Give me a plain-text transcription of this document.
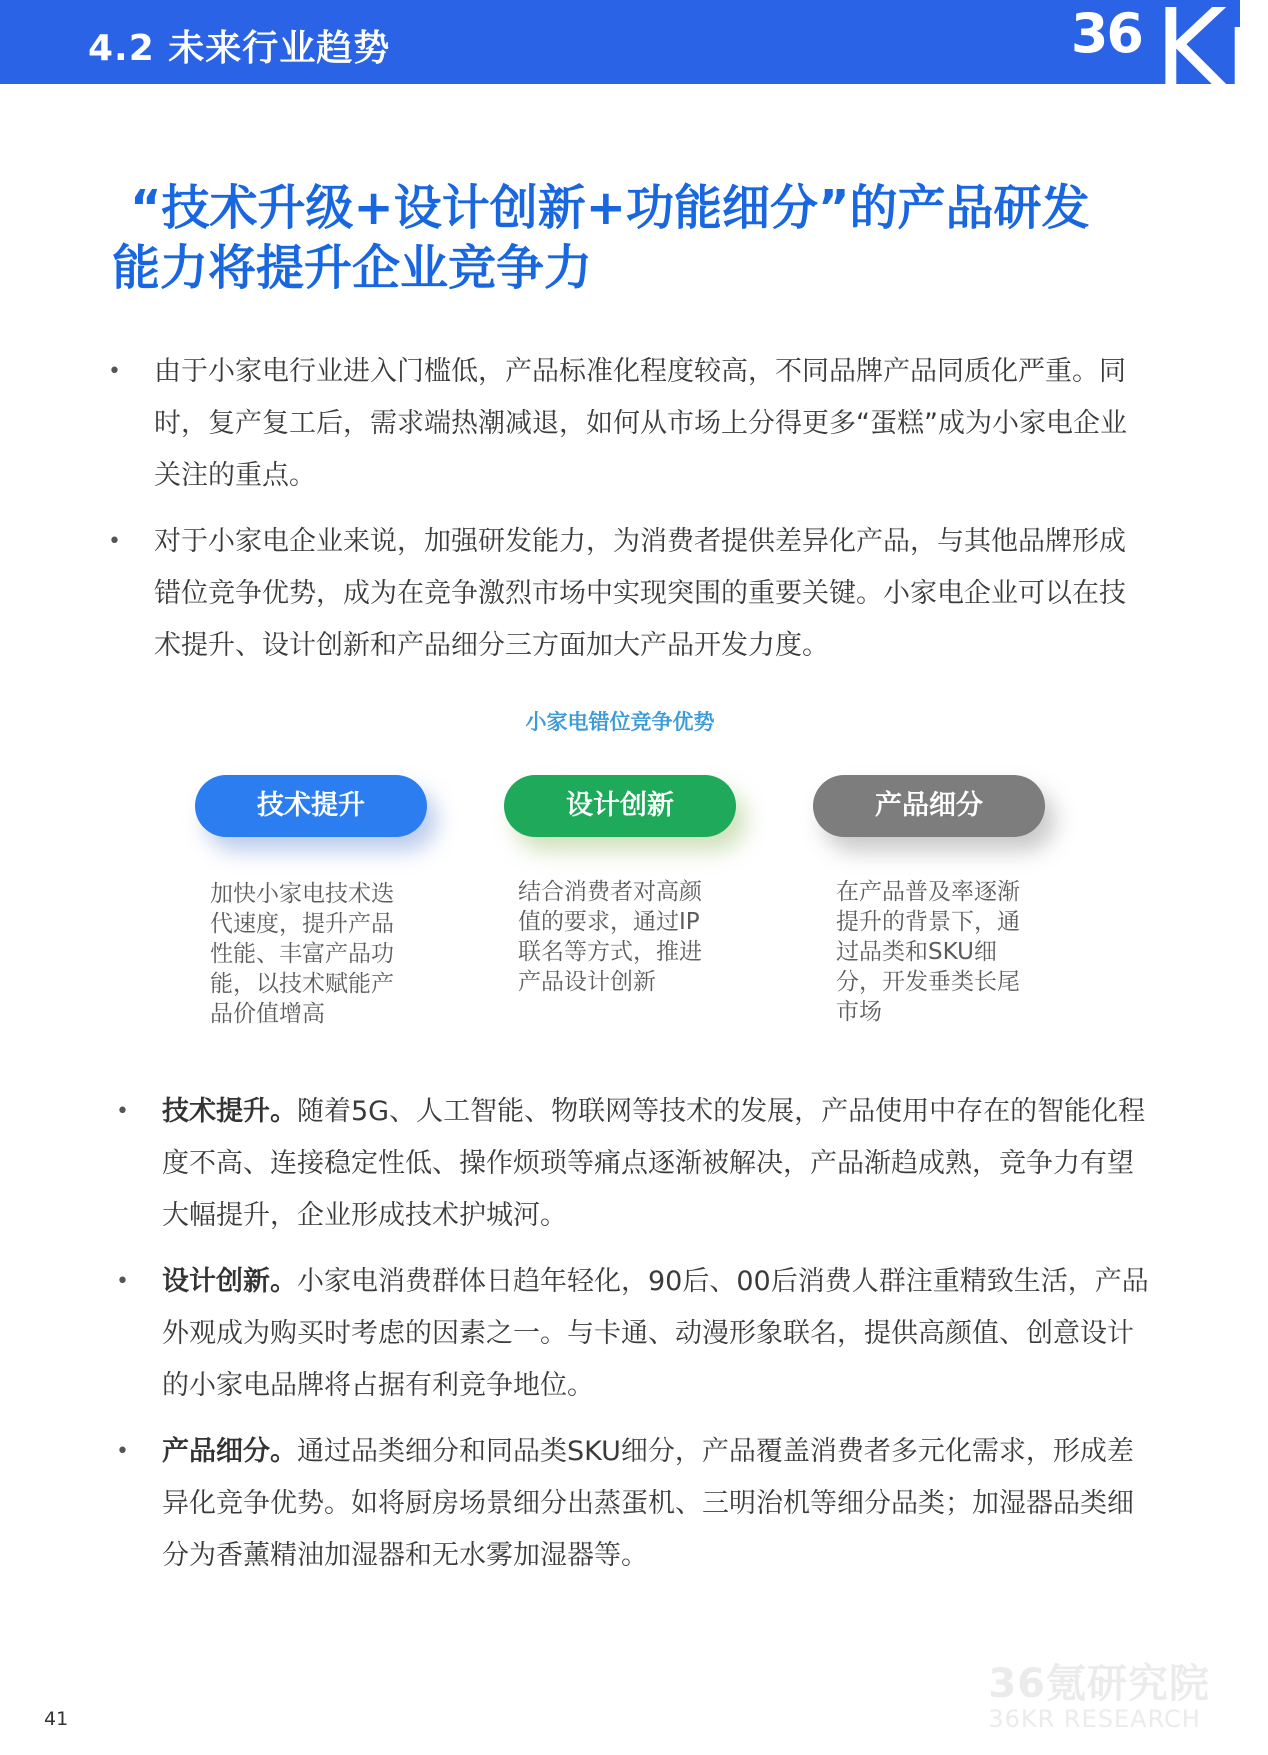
4.2 未来行业趋势	36 Kr
“技术升级+设计创新+功能细分”的产品研发
能力将提升企业竞争力
• 由于小家电行业进入门槛低，产品标准化程度较高，不同品牌产品同质化严重。同时，复产复工后，需求端热潮减退，如何从市场上分得更多“蛋糕”成为小家电企业关注的重点。
• 对于小家电企业来说，加强研发能力，为消费者提供差异化产品，与其他品牌形成错位竞争优势，成为在竞争激烈市场中实现突围的重要关键。小家电企业可以在技术提升、设计创新和产品细分三方面加大产品开发力度。
小家电错位竞争优势
技术提升	设计创新	产品细分
加快小家电技术迭代速度，提升产品性能、丰富产品功能，以技术赋能产品价值增高
结合消费者对高颜值的要求，通过IP联名等方式，推进产品设计创新
在产品普及率逐渐提升的背景下，通过品类和SKU细分，开发垂类长尾市场
• 技术提升。随着5G、人工智能、物联网等技术的发展，产品使用中存在的智能化程度不高、连接稳定性低、操作烦琐等痛点逐渐被解决，产品渐趋成熟，竞争力有望大幅提升，企业形成技术护城河。
• 设计创新。小家电消费群体日趋年轻化，90后、00后消费人群注重精致生活，产品外观成为购买时考虑的因素之一。与卡通、动漫形象联名，提供高颜值、创意设计的小家电品牌将占据有利竞争地位。
• 产品细分。通过品类细分和同品类SKU细分，产品覆盖消费者多元化需求，形成差异化竞争优势。如将厨房场景细分出蒸蛋机、三明治机等细分品类；加湿器品类细分为香薰精油加湿器和无水雾加湿器等。
36氪研究院
36KR RESEARCH
41
